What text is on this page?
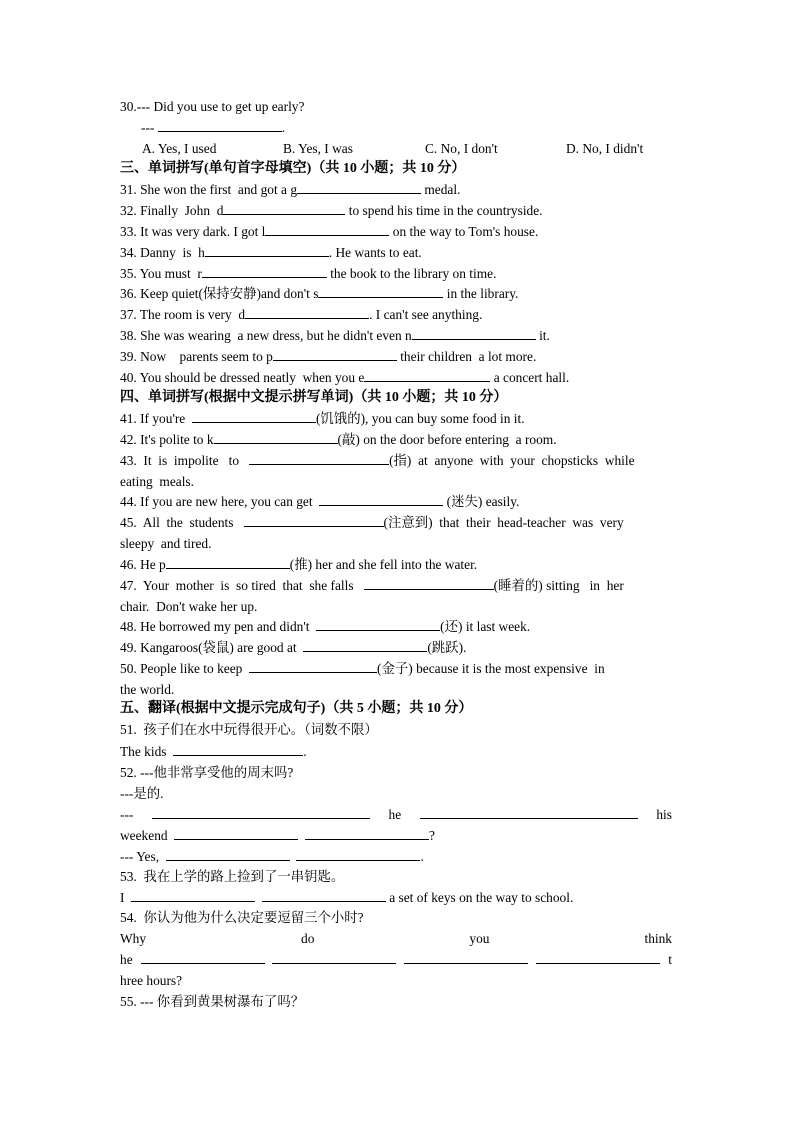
30.--- Did you use to get up early?
---	.

A. Yes, I used

	B. Yes, I was

	C. No, I don't

	D. No, I didn't

三、单词拼写(单句首字母填空)（共 10 小题；共 10 分）
31. She won the first  and got a g	medal.
32. Finally  John  d	to spend his time in the countryside.
33. It was very dark. I got l	on the way to Tom's house.
34. Danny  is  h	. He wants to eat.
35. You must  r	the book to the library on time.
36. Keep quiet(保持安静)and don't s	in the library.
37. The room is very  d	. I can't see anything.
38. She was wearing  a new dress, but he didn't even n	it.
39. Now    parents seem to p	their children  a lot more.
40. You should be dressed neatly  when you e	a concert hall.
四、单词拼写(根据中文提示拼写单词)（共 10 小题；共 10 分）
41. If you're	(饥饿的), you can buy some food in it.
42. It's polite to k	(敲) on the door before entering  a room.
43.  It  is  impolite   to	(指)  at  anyone  with  your  chopsticks  while
eating  meals.
44. If you are new here, you can get	(迷失) easily.
45.  All  the  students	(注意到)  that  their  head-teacher  was  very
sleepy  and tired.
46. He p	(推) her and she fell into the water.
47.  Your  mother  is  so tired  that  she falls	(睡着的) sitting   in  her
chair.  Don't wake her up.
48. He borrowed my pen and didn't	(还) it last week.
49. Kangaroos(袋鼠) are good at	(跳跃).
50. People like to keep	(金子) because it is the most expensive  in
the world.
五、翻译(根据中文提示完成句子)（共 5 小题；共 10 分）
51.  孩子们在水中玩得很开心。（词数不限）
The kids	.
52. ---他非常享受他的周末吗?
---是的.
---	he	his
weekend	?
--- Yes,	.
53.  我在上学的路上捡到了一串钥匙。
I	a set of keys on the way to school.
54.  你认为他为什么决定要逗留三个小时?
Why	do	you	think
he	t
hree hours?
55. --- 你看到黄果树瀑布了吗？
